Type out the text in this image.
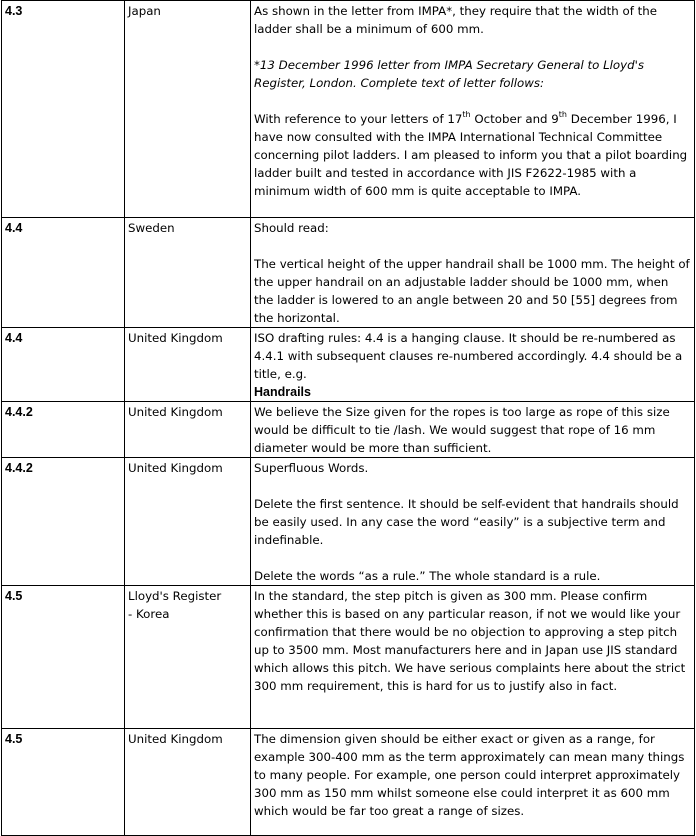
4.3	Japan	As shown in the letter from IMPA*, they require that the width of the ladder shall be a minimum of 600 mm.

*13 December 1996 letter from IMPA Secretary General to Lloyd's Register, London. Complete text of letter follows:

With reference to your letters of 17th October and 9th December 1996, I have now consulted with the IMPA International Technical Committee concerning pilot ladders. I am pleased to inform you that a pilot boarding ladder built and tested in accordance with JIS F2622-1985 with a minimum width of 600 mm is quite acceptable to IMPA.

4.4	Sweden	Should read:

The vertical height of the upper handrail shall be 1000 mm. The height of the upper handrail on an adjustable ladder should be 1000 mm, when the ladder is lowered to an angle between 20 and 50 [55] degrees from the horizontal.

4.4	United Kingdom	ISO drafting rules: 4.4 is a hanging clause. It should be re-numbered as 4.4.1 with subsequent clauses re-numbered accordingly. 4.4 should be a title, e.g.

Handrails

4.4.2	United Kingdom	We believe the Size given for the ropes is too large as rope of this size would be difficult to tie /lash. We would suggest that rope of 16 mm diameter would be more than sufficient.

4.4.2	United Kingdom	Superfluous Words.

Delete the first sentence. It should be self-evident that handrails should be easily used. In any case the word “easily” is a subjective term and indefinable.

Delete the words “as a rule.” The whole standard is a rule.

4.5	Lloyd's Register - Korea	In the standard, the step pitch is given as 300 mm. Please confirm whether this is based on any particular reason, if not we would like your confirmation that there would be no objection to approving a step pitch up to 3500 mm. Most manufacturers here and in Japan use JIS standard which allows this pitch. We have serious complaints here about the strict 300 mm requirement, this is hard for us to justify also in fact.

4.5	United Kingdom	The dimension given should be either exact or given as a range, for example 300-400 mm as the term approximately can mean many things to many people. For example, one person could interpret approximately 300 mm as 150 mm whilst someone else could interpret it as 600 mm which would be far too great a range of sizes.
